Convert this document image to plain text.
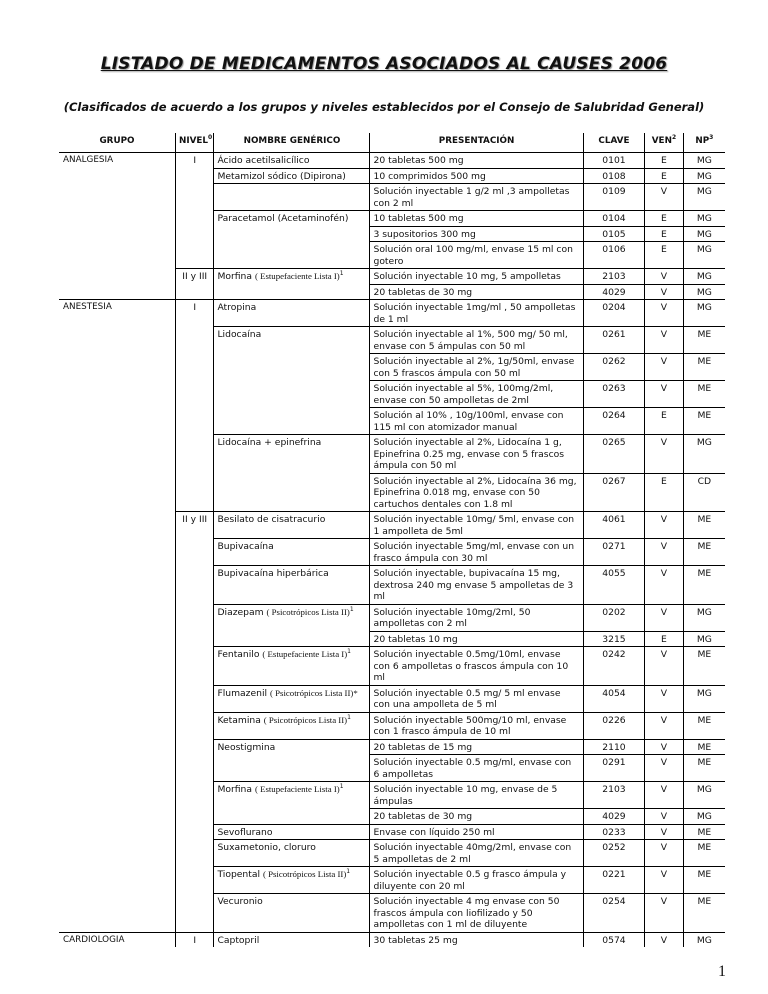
LISTADO DE MEDICAMENTOS ASOCIADOS AL CAUSES 2006
(Clasificados de acuerdo a los grupos y niveles establecidos por el Consejo de Salubridad General)
GRUPO	NIVEL$^0$	NOMBRE GENÉRICO	PRESENTACIÓN	CLAVE	VEN$^2$	$NP^3$
ANALGESIA	I	Ácido acetilsalicílico	20 tabletas 500 mg	0101	E	MG
		Metamizol sódico (Dipirona)	10 comprimidos 500 mg	0108	E	MG
			Solución inyectable 1 g/2 ml ,3 ampolletas con 2 ml	0109	V	MG
		Paracetamol (Acetaminofén)	10 tabletas 500 mg	0104	E	MG
			3 supositorios 300 mg	0105	E	MG
			Solución oral 100 mg/ml, envase 15 ml con gotero	0106	E	MG
	II y III	Morfina ( Estupefaciente Lista I)$^1$	Solución inyectable 10 mg, 5 ampolletas	2103	V	MG
			20 tabletas de 30 mg	4029	V	MG
ANESTESIA	I	Atropina	Solución inyectable 1mg/ml , 50 ampolletas de 1 ml	0204	V	MG
		Lidocaína	Solución inyectable al 1%, 500 mg/ 50 ml, envase con 5 ámpulas con 50 ml	0261	V	ME
			Solución inyectable al 2%, 1g/50ml, envase con 5 frascos ámpula con 50 ml	0262	V	ME
			Solución inyectable al 5%, 100mg/2ml, envase con 50 ampolletas de 2ml	0263	V	ME
			Solución al 10% , 10g/100ml, envase con 115 ml con atomizador manual	0264	E	ME
		Lidocaína + epinefrina	Solución inyectable al 2%, Lidocaína 1 g, Epinefrina 0.25 mg, envase con 5 frascos ámpula con 50 ml	0265	V	MG
			Solución inyectable al 2%, Lidocaína 36 mg, Epinefrina 0.018 mg, envase con 50 cartuchos dentales con 1.8 ml	0267	E	CD
	II y III	Besilato de cisatracurio	Solución inyectable 10mg/ 5ml, envase con 1 ampolleta de 5ml	4061	V	ME
		Bupivacaína	Solución inyectable 5mg/ml, envase con un frasco ámpula con 30 ml	0271	V	ME
		Bupivacaína hiperbárica	Solución inyectable, bupivacaína 15 mg, dextrosa 240 mg envase 5 ampolletas de 3 ml	4055	V	ME
		Diazepam ( Psicotrópicos Lista II)$^1$	Solución inyectable 10mg/2ml, 50 ampolletas con 2 ml	0202	V	MG
			20 tabletas 10 mg	3215	E	MG
		Fentanilo ( Estupefaciente Lista I)$^1$	Solución inyectable 0.5mg/10ml, envase con 6 ampolletas o frascos ámpula con 10 ml	0242	V	ME
		Flumazenil ( Psicotrópicos Lista II)*	Solución inyectable 0.5 mg/ 5 ml envase con una ampolleta de 5 ml	4054	V	MG
		Ketamina ( Psicotrópicos Lista II)$^1$	Solución inyectable 500mg/10 ml, envase con 1 frasco ámpula de 10 ml	0226	V	ME
		Neostigmina	20 tabletas de 15 mg	2110	V	ME
			Solución inyectable 0.5 mg/ml, envase con 6 ampolletas	0291	V	ME
		Morfina ( Estupefaciente Lista I)$^1$	Solución inyectable 10 mg, envase de 5 ámpulas	2103	V	MG
			20 tabletas de 30 mg	4029	V	MG
		Sevoflurano	Envase con líquido 250 ml	0233	V	ME
		Suxametonio, cloruro	Solución inyectable 40mg/2ml, envase con 5 ampolletas de 2 ml	0252	V	ME
		Tiopental ( Psicotrópicos Lista II)$^1$	Solución inyectable 0.5 g frasco ámpula y diluyente con 20 ml	0221	V	ME
		Vecuronio	Solución inyectable 4 mg envase con 50 frascos ámpula con liofilizado y 50 ampolletas con 1 ml de diluyente	0254	V	ME
CARDIOLOGIA	I	Captopril	30 tabletas 25 mg	0574	V	MG
1
